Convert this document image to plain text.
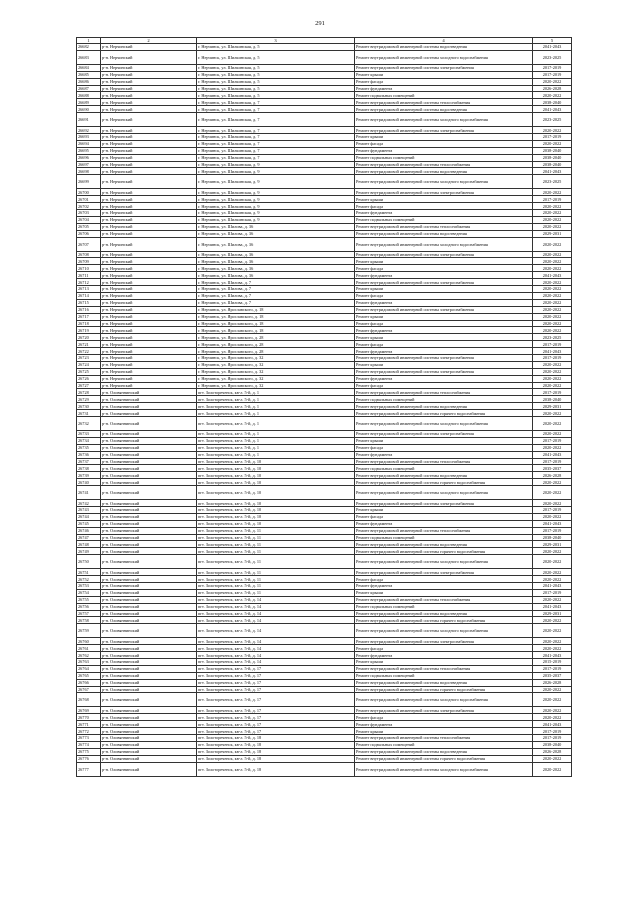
291
1	2	3	4	5
26682	р-н. Нерчинский	г. Нерчинск, ул. Шилкинская, д. 5	Ремонт внутридомовой инженерной системы водоотведения	2041-2043
26683	р-н. Нерчинский	г. Нерчинск, ул. Шилкинская, д. 5	Ремонт внутридомовой инженерной системы холодного водоснабжения	2023-2025
26684	р-н. Нерчинский	г. Нерчинск, ул. Шилкинская, д. 5	Ремонт внутридомовой инженерной системы электроснабжения	2017-2019
26685	р-н. Нерчинский	г. Нерчинск, ул. Шилкинская, д. 5	Ремонт крыши	2017-2019
26686	р-н. Нерчинский	г. Нерчинск, ул. Шилкинская, д. 5	Ремонт фасада	2020-2022
26687	р-н. Нерчинский	г. Нерчинск, ул. Шилкинская, д. 5	Ремонт фундамента	2026-2028
26688	р-н. Нерчинский	г. Нерчинск, ул. Шилкинская, д. 5	Ремонт подвальных помещений	2020-2022
26689	р-н. Нерчинский	г. Нерчинск, ул. Шилкинская, д. 7	Ремонт внутридомовой инженерной системы теплоснабжения	2038-2040
26690	р-н. Нерчинский	г. Нерчинск, ул. Шилкинская, д. 7	Ремонт внутридомовой инженерной системы водоотведения	2041-2043
26691	р-н. Нерчинский	г. Нерчинск, ул. Шилкинская, д. 7	Ремонт внутридомовой инженерной системы холодного водоснабжения	2023-2025
26692	р-н. Нерчинский	г. Нерчинск, ул. Шилкинская, д. 7	Ремонт внутридомовой инженерной системы электроснабжения	2020-2022
26693	р-н. Нерчинский	г. Нерчинск, ул. Шилкинская, д. 7	Ремонт крыши	2017-2019
26694	р-н. Нерчинский	г. Нерчинск, ул. Шилкинская, д. 7	Ремонт фасада	2020-2022
26695	р-н. Нерчинский	г. Нерчинск, ул. Шилкинская, д. 7	Ремонт фундамента	2038-2040
26696	р-н. Нерчинский	г. Нерчинск, ул. Шилкинская, д. 7	Ремонт подвальных помещений	2038-2040
26697	р-н. Нерчинский	г. Нерчинск, ул. Шилкинская, д. 9	Ремонт внутридомовой инженерной системы теплоснабжения	2038-2040
26698	р-н. Нерчинский	г. Нерчинск, ул. Шилкинская, д. 9	Ремонт внутридомовой инженерной системы водоотведения	2041-2043
26699	р-н. Нерчинский	г. Нерчинск, ул. Шилкинская, д. 9	Ремонт внутридомовой инженерной системы холодного водоснабжения	2023-2025
26700	р-н. Нерчинский	г. Нерчинск, ул. Шилкинская, д. 9	Ремонт внутридомовой инженерной системы электроснабжения	2020-2022
26701	р-н. Нерчинский	г. Нерчинск, ул. Шилкинская, д. 9	Ремонт крыши	2017-2019
26702	р-н. Нерчинский	г. Нерчинск, ул. Шилкинская, д. 9	Ремонт фасада	2020-2022
26703	р-н. Нерчинский	г. Нерчинск, ул. Шилкинская, д. 9	Ремонт фундамента	2020-2022
26704	р-н. Нерчинский	г. Нерчинск, ул. Шилкинская, д. 9	Ремонт подвальных помещений	2020-2022
26705	р-н. Нерчинский	г. Нерчинск, ул. Шилова, д. 36	Ремонт внутридомовой инженерной системы теплоснабжения	2020-2022
26706	р-н. Нерчинский	г. Нерчинск, ул. Шилова, д. 36	Ремонт внутридомовой инженерной системы водоотведения	2029-2031
26707	р-н. Нерчинский	г. Нерчинск, ул. Шилова, д. 36	Ремонт внутридомовой инженерной системы холодного водоснабжения	2020-2022
26708	р-н. Нерчинский	г. Нерчинск, ул. Шилова, д. 36	Ремонт внутридомовой инженерной системы электроснабжения	2020-2022
26709	р-н. Нерчинский	г. Нерчинск, ул. Шилова, д. 36	Ремонт крыши	2020-2022
26710	р-н. Нерчинский	г. Нерчинск, ул. Шилова, д. 36	Ремонт фасада	2020-2022
26711	р-н. Нерчинский	г. Нерчинск, ул. Шилова, д. 36	Ремонт фундамента	2041-2043
26712	р-н. Нерчинский	г. Нерчинск, ул. Шилова, д. 7	Ремонт внутридомовой инженерной системы электроснабжения	2020-2022
26713	р-н. Нерчинский	г. Нерчинск, ул. Шилова, д. 7	Ремонт крыши	2020-2022
26714	р-н. Нерчинский	г. Нерчинск, ул. Шилова, д. 7	Ремонт фасада	2020-2022
26715	р-н. Нерчинский	г. Нерчинск, ул. Шилова, д. 7	Ремонт фундамента	2020-2022
26716	р-н. Нерчинский	г. Нерчинск, ул. Ярославского, д. 18	Ремонт внутридомовой инженерной системы электроснабжения	2020-2022
26717	р-н. Нерчинский	г. Нерчинск, ул. Ярославского, д. 18	Ремонт крыши	2020-2022
26718	р-н. Нерчинский	г. Нерчинск, ул. Ярославского, д. 18	Ремонт фасада	2020-2022
26719	р-н. Нерчинский	г. Нерчинск, ул. Ярославского, д. 18	Ремонт фундамента	2020-2022
26720	р-н. Нерчинский	г. Нерчинск, ул. Ярославского, д. 28	Ремонт крыши	2023-2025
26721	р-н. Нерчинский	г. Нерчинск, ул. Ярославского, д. 28	Ремонт фасада	2017-2019
26722	р-н. Нерчинский	г. Нерчинск, ул. Ярославского, д. 28	Ремонт фундамента	2041-2043
26723	р-н. Нерчинский	г. Нерчинск, ул. Ярославского, д. 32	Ремонт внутридомовой инженерной системы электроснабжения	2017-2019
26724	р-н. Нерчинский	г. Нерчинск, ул. Ярославского, д. 32	Ремонт крыши	2020-2022
26725	р-н. Нерчинский	г. Нерчинск, ул. Ярославского, д. 32	Ремонт внутридомовой инженерной системы электроснабжения	2020-2022
26726	р-н. Нерчинский	г. Нерчинск, ул. Ярославского, д. 32	Ремонт фундамента	2020-2022
26727	р-н. Нерчинский	г. Нерчинск, ул. Ярославского, д. 32	Ремонт фасада	2020-2022
26728	р-н. Оловяннинский	пгт. Золотореченск, кв-л. 5-й, д. 1	Ремонт внутридомовой инженерной системы теплоснабжения	2017-2019
26729	р-н. Оловяннинский	пгт. Золотореченск, кв-л. 5-й, д. 1	Ремонт подвальных помещений	2038-2040
26730	р-н. Оловяннинский	пгт. Золотореченск, кв-л. 5-й, д. 1	Ремонт внутридомовой инженерной системы водоотведения	2029-2031
26731	р-н. Оловяннинский	пгт. Золотореченск, кв-л. 5-й, д. 1	Ремонт внутридомовой инженерной системы горячего водоснабжения	2020-2022
26732	р-н. Оловяннинский	пгт. Золотореченск, кв-л. 5-й, д. 1	Ремонт внутридомовой инженерной системы холодного водоснабжения	2020-2022
26733	р-н. Оловяннинский	пгт. Золотореченск, кв-л. 5-й, д. 1	Ремонт внутридомовой инженерной системы электроснабжения	2020-2022
26734	р-н. Оловяннинский	пгт. Золотореченск, кв-л. 5-й, д. 1	Ремонт крыши	2017-2019
26735	р-н. Оловяннинский	пгт. Золотореченск, кв-л. 5-й, д. 1	Ремонт фасада	2020-2022
26736	р-н. Оловяннинский	пгт. Золотореченск, кв-л. 5-й, д. 1	Ремонт фундамента	2041-2043
26737	р-н. Оловяннинский	пгт. Золотореченск, кв-л. 5-й, д. 10	Ремонт внутридомовой инженерной системы теплоснабжения	2017-2019
26738	р-н. Оловяннинский	пгт. Золотореченск, кв-л. 5-й, д. 10	Ремонт подвальных помещений	2035-2037
26739	р-н. Оловяннинский	пгт. Золотореченск, кв-л. 5-й, д. 10	Ремонт внутридомовой инженерной системы водоотведения	2026-2028
26740	р-н. Оловяннинский	пгт. Золотореченск, кв-л. 5-й, д. 10	Ремонт внутридомовой инженерной системы горячего водоснабжения	2020-2022
26741	р-н. Оловяннинский	пгт. Золотореченск, кв-л. 5-й, д. 10	Ремонт внутридомовой инженерной системы холодного водоснабжения	2020-2022
26742	р-н. Оловяннинский	пгт. Золотореченск, кв-л. 5-й, д. 10	Ремонт внутридомовой инженерной системы электроснабжения	2020-2022
26743	р-н. Оловяннинский	пгт. Золотореченск, кв-л. 5-й, д. 10	Ремонт крыши	2017-2019
26744	р-н. Оловяннинский	пгт. Золотореченск, кв-л. 5-й, д. 10	Ремонт фасада	2020-2022
26745	р-н. Оловяннинский	пгт. Золотореченск, кв-л. 5-й, д. 10	Ремонт фундамента	2041-2043
26746	р-н. Оловяннинский	пгт. Золотореченск, кв-л. 5-й, д. 11	Ремонт внутридомовой инженерной системы теплоснабжения	2017-2019
26747	р-н. Оловяннинский	пгт. Золотореченск, кв-л. 5-й, д. 11	Ремонт подвальных помещений	2038-2040
26748	р-н. Оловяннинский	пгт. Золотореченск, кв-л. 5-й, д. 11	Ремонт внутридомовой инженерной системы водоотведения	2029-2031
26749	р-н. Оловяннинский	пгт. Золотореченск, кв-л. 5-й, д. 11	Ремонт внутридомовой инженерной системы горячего водоснабжения	2020-2022
26750	р-н. Оловяннинский	пгт. Золотореченск, кв-л. 5-й, д. 11	Ремонт внутридомовой инженерной системы холодного водоснабжения	2020-2022
26751	р-н. Оловяннинский	пгт. Золотореченск, кв-л. 5-й, д. 11	Ремонт внутридомовой инженерной системы электроснабжения	2020-2022
26752	р-н. Оловяннинский	пгт. Золотореченск, кв-л. 5-й, д. 11	Ремонт фасада	2020-2022
26753	р-н. Оловяннинский	пгт. Золотореченск, кв-л. 5-й, д. 11	Ремонт фундамента	2041-2043
26754	р-н. Оловяннинский	пгт. Золотореченск, кв-л. 5-й, д. 11	Ремонт крыши	2017-2019
26755	р-н. Оловяннинский	пгт. Золотореченск, кв-л. 5-й, д. 14	Ремонт внутридомовой инженерной системы теплоснабжения	2020-2022
26756	р-н. Оловяннинский	пгт. Золотореченск, кв-л. 5-й, д. 14	Ремонт подвальных помещений	2041-2043
26757	р-н. Оловяннинский	пгт. Золотореченск, кв-л. 5-й, д. 14	Ремонт внутридомовой инженерной системы водоотведения	2029-2031
26758	р-н. Оловяннинский	пгт. Золотореченск, кв-л. 5-й, д. 14	Ремонт внутридомовой инженерной системы горячего водоснабжения	2020-2022
26759	р-н. Оловяннинский	пгт. Золотореченск, кв-л. 5-й, д. 14	Ремонт внутридомовой инженерной системы холодного водоснабжения	2020-2022
26760	р-н. Оловяннинский	пгт. Золотореченск, кв-л. 5-й, д. 14	Ремонт внутридомовой инженерной системы электроснабжения	2020-2022
26761	р-н. Оловяннинский	пгт. Золотореченск, кв-л. 5-й, д. 14	Ремонт фасада	2020-2022
26762	р-н. Оловяннинский	пгт. Золотореченск, кв-л. 5-й, д. 14	Ремонт фундамента	2041-2043
26763	р-н. Оловяннинский	пгт. Золотореченск, кв-л. 5-й, д. 14	Ремонт крыши	2015-2019
26764	р-н. Оловяннинский	пгт. Золотореченск, кв-л. 5-й, д. 17	Ремонт внутридомовой инженерной системы теплоснабжения	2017-2019
26765	р-н. Оловяннинский	пгт. Золотореченск, кв-л. 5-й, д. 17	Ремонт подвальных помещений	2035-2037
26766	р-н. Оловяннинский	пгт. Золотореченск, кв-л. 5-й, д. 17	Ремонт внутридомовой инженерной системы водоотведения	2026-2028
26767	р-н. Оловяннинский	пгт. Золотореченск, кв-л. 5-й, д. 17	Ремонт внутридомовой инженерной системы горячего водоснабжения	2020-2022
26768	р-н. Оловяннинский	пгт. Золотореченск, кв-л. 5-й, д. 17	Ремонт внутридомовой инженерной системы холодного водоснабжения	2020-2022
26769	р-н. Оловяннинский	пгт. Золотореченск, кв-л. 5-й, д. 17	Ремонт внутридомовой инженерной системы электроснабжения	2020-2022
26770	р-н. Оловяннинский	пгт. Золотореченск, кв-л. 5-й, д. 17	Ремонт фасада	2020-2022
26771	р-н. Оловяннинский	пгт. Золотореченск, кв-л. 5-й, д. 17	Ремонт фундамента	2041-2043
26772	р-н. Оловяннинский	пгт. Золотореченск, кв-л. 5-й, д. 17	Ремонт крыши	2017-2019
26773	р-н. Оловяннинский	пгт. Золотореченск, кв-л. 5-й, д. 18	Ремонт внутридомовой инженерной системы теплоснабжения	2017-2019
26774	р-н. Оловяннинский	пгт. Золотореченск, кв-л. 5-й, д. 18	Ремонт подвальных помещений	2038-2040
26775	р-н. Оловяннинский	пгт. Золотореченск, кв-л. 5-й, д. 18	Ремонт внутридомовой инженерной системы водоотведения	2026-2028
26776	р-н. Оловяннинский	пгт. Золотореченск, кв-л. 5-й, д. 18	Ремонт внутридомовой инженерной системы горячего водоснабжения	2020-2022
26777	р-н. Оловяннинский	пгт. Золотореченск, кв-л. 5-й, д. 18	Ремонт внутридомовой инженерной системы холодного водоснабжения	2020-2022
